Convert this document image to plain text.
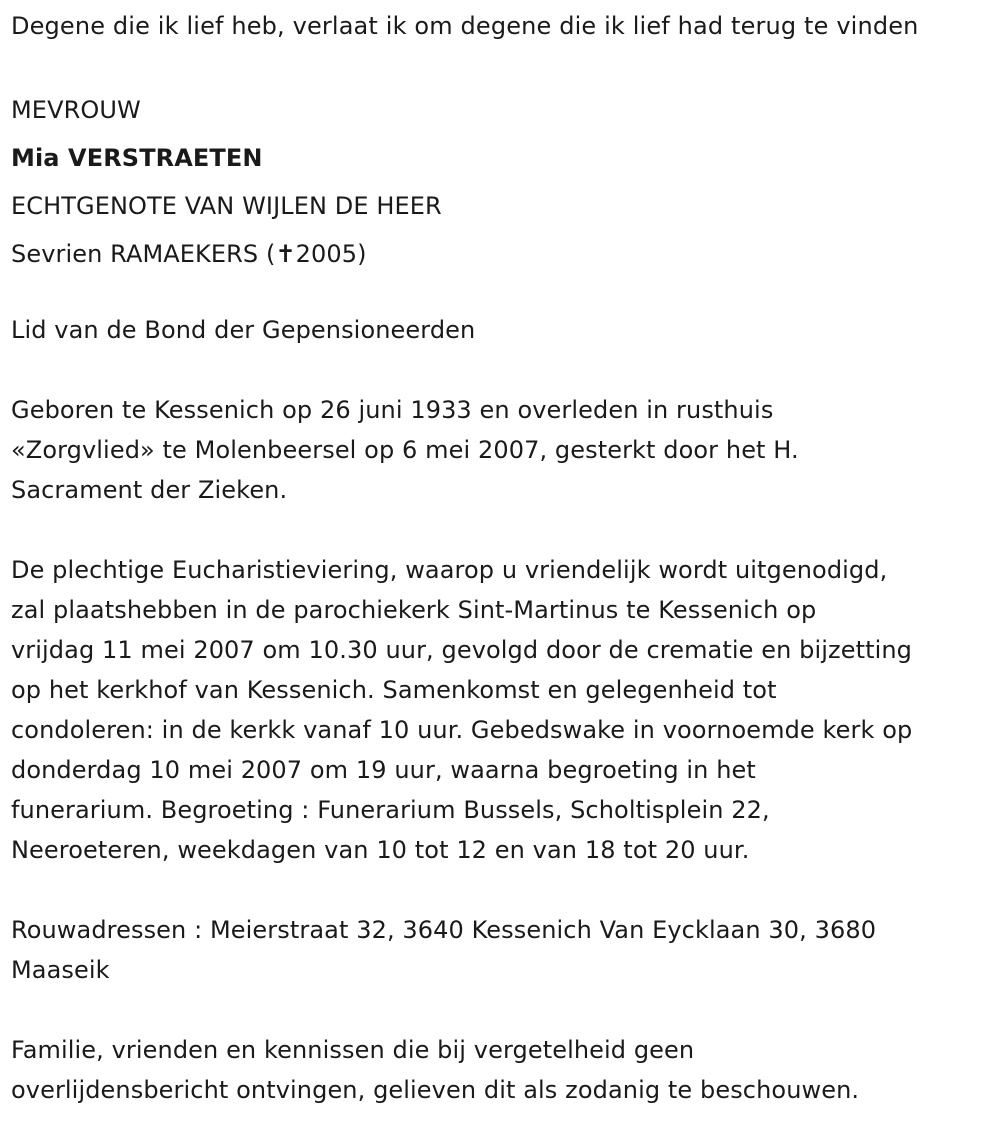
Degene die ik lief heb, verlaat ik om degene die ik lief had terug te vinden

MEVROUW

Mia VERSTRAETEN

ECHTGENOTE VAN WIJLEN DE HEER

Sevrien RAMAEKERS (✝2005)

Lid van de Bond der Gepensioneerden

Geboren te Kessenich op 26 juni 1933 en overleden in rusthuis

«Zorgvlied» te Molenbeersel op 6 mei 2007, gesterkt door het H.

Sacrament der Zieken.

De plechtige Eucharistieviering, waarop u vriendelijk wordt uitgenodigd,

zal plaatshebben in de parochiekerk Sint-Martinus te Kessenich op

vrijdag 11 mei 2007 om 10.30 uur, gevolgd door de crematie en bijzetting

op het kerkhof van Kessenich. Samenkomst en gelegenheid tot

condoleren: in de kerkk vanaf 10 uur. Gebedswake in voornoemde kerk op

donderdag 10 mei 2007 om 19 uur, waarna begroeting in het

funerarium. Begroeting : Funerarium Bussels, Scholtisplein 22,

Neeroeteren, weekdagen van 10 tot 12 en van 18 tot 20 uur.

Rouwadressen : Meierstraat 32, 3640 Kessenich Van Eycklaan 30, 3680

Maaseik

Familie, vrienden en kennissen die bij vergetelheid geen

overlijdensbericht ontvingen, gelieven dit als zodanig te beschouwen.
